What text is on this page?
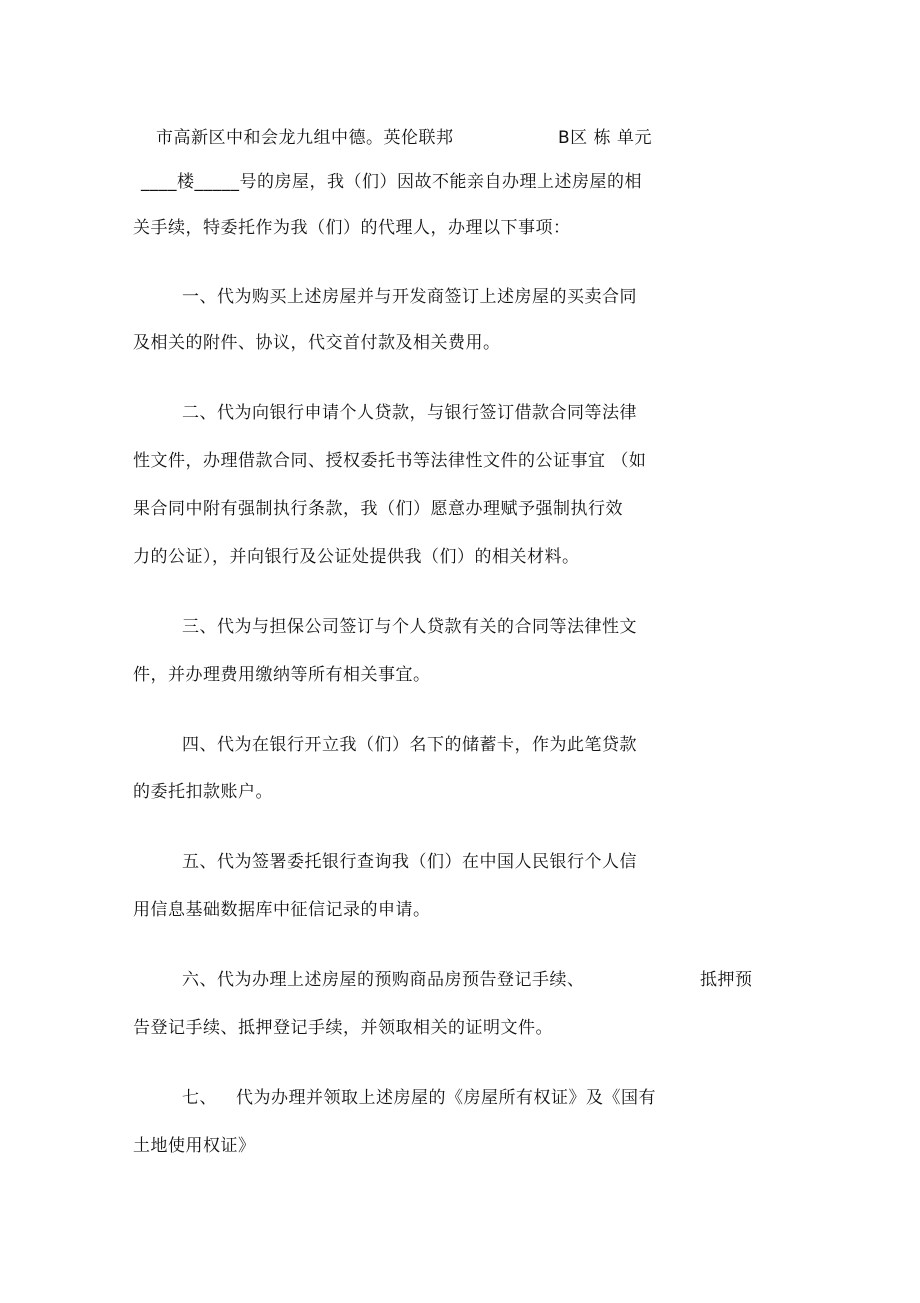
市高新区中和会龙九组中德。英伦联邦	B区 栋 单元
____楼_____号的房屋，我（们）因故不能亲自办理上述房屋的相
关手续，特委托作为我（们）的代理人，办理以下事项：
一、代为购买上述房屋并与开发商签订上述房屋的买卖合同
及相关的附件、协议，代交首付款及相关费用。
二、代为向银行申请个人贷款，与银行签订借款合同等法律
性文件，办理借款合同、授权委托书等法律性文件的公证事宜 （如
果合同中附有强制执行条款，我（们）愿意办理赋予强制执行效
力的公证），并向银行及公证处提供我（们）的相关材料。
三、代为与担保公司签订与个人贷款有关的合同等法律性文
件，并办理费用缴纳等所有相关事宜。
四、代为在银行开立我（们）名下的储蓄卡，作为此笔贷款
的委托扣款账户。
五、代为签署委托银行查询我（们）在中国人民银行个人信
用信息基础数据库中征信记录的申请。
六、代为办理上述房屋的预购商品房预告登记手续、	抵押预
告登记手续、抵押登记手续，并领取相关的证明文件。
七、 代为办理并领取上述房屋的《房屋所有权证》及《国有
土地使用权证》
